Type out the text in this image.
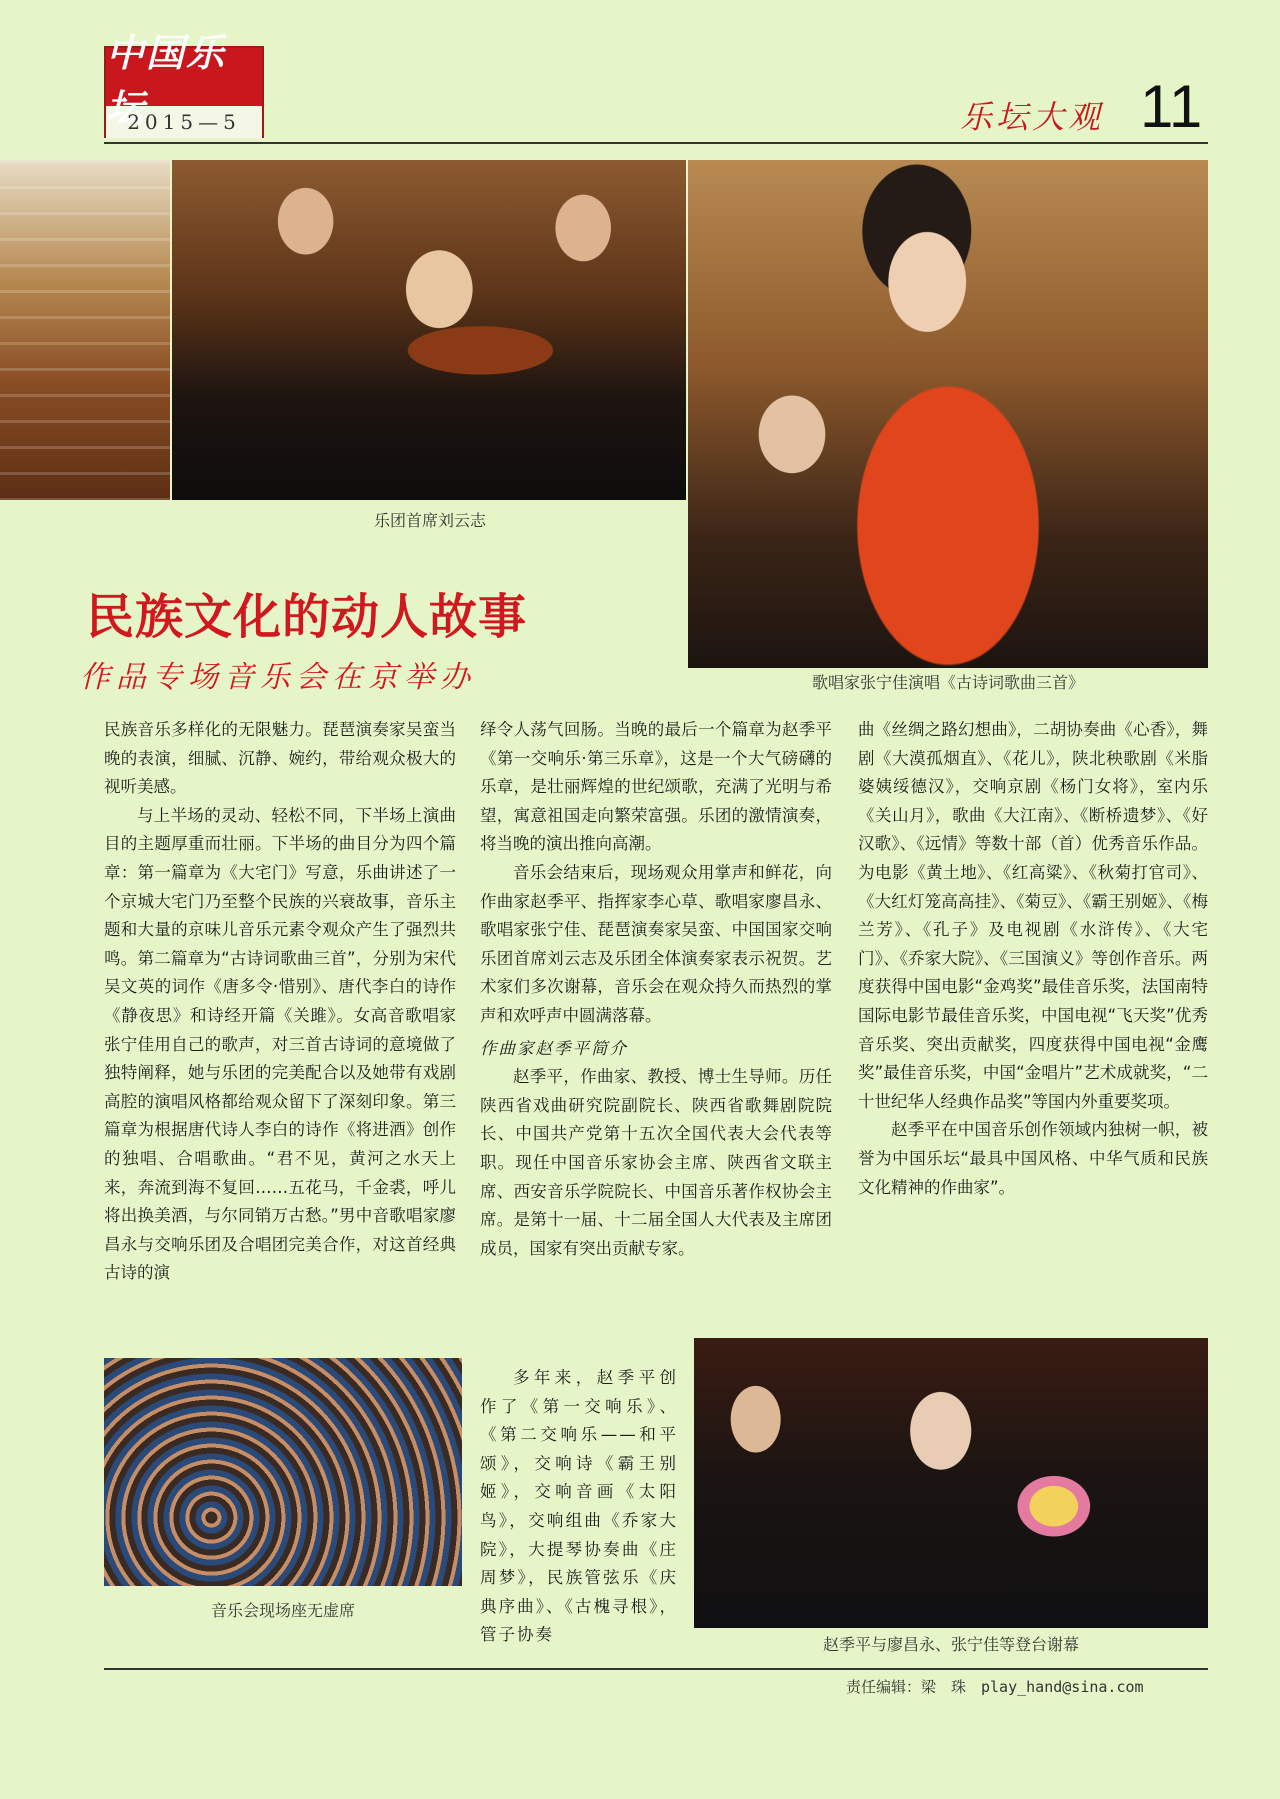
中国乐
2015—5	乐坛大观 11
乐团首席刘云志
歌唱家张宁佳演唱《古诗词歌曲三首》
民族文化的动人故事
作品专场音乐会在京举办

民族音乐多样化的无限魅力。琵琶演奏家吴蛮当晚的表演，细腻、沉静、婉约，带给观众极大的视听美感。

与上半场的灵动、轻松不同，下半场上演曲目的主题厚重而壮丽。下半场的曲目分为四个篇章：第一篇章为《大宅门》写意，乐曲讲述了一个京城大宅门乃至整个民族的兴衰故事，音乐主题和大量的京味儿音乐元素令观众产生了强烈共鸣。第二篇章为“古诗词歌曲三首”，分别为宋代吴文英的词作《唐多令·惜别》、唐代李白的诗作《静夜思》和诗经开篇《关雎》。女高音歌唱家张宁佳用自己的歌声，对三首古诗词的意境做了独特阐释，她与乐团的完美配合以及她带有戏剧高腔的演唱风格都给观众留下了深刻印象。第三篇章为根据唐代诗人李白的诗作《将进酒》创作的独唱、合唱歌曲。“君不见，黄河之水天上来，奔流到海不复回……五花马，千金裘，呼儿将出换美酒，与尔同销万古愁。”男中音歌唱家廖昌永与交响乐团及合唱团完美合作，对这首经典古诗的演

绎令人荡气回肠。当晚的最后一个篇章为赵季平《第一交响乐·第三乐章》，这是一个大气磅礴的乐章，是壮丽辉煌的世纪颂歌，充满了光明与希望，寓意祖国走向繁荣富强。乐团的激情演奏，将当晚的演出推向高潮。

音乐会结束后，现场观众用掌声和鲜花，向作曲家赵季平、指挥家李心草、歌唱家廖昌永、歌唱家张宁佳、琵琶演奏家吴蛮、中国国家交响乐团首席刘云志及乐团全体演奏家表示祝贺。艺术家们多次谢幕，音乐会在观众持久而热烈的掌声和欢呼声中圆满落幕。

作曲家赵季平简介

赵季平，作曲家、教授、博士生导师。历任陕西省戏曲研究院副院长、陕西省歌舞剧院院长、中国共产党第十五次全国代表大会代表等职。现任中国音乐家协会主席、陕西省文联主席、西安音乐学院院长、中国音乐著作权协会主席。是第十一届、十二届全国人大代表及主席团成员，国家有突出贡献专家。

多年来，赵季平创作了《第一交响乐》、《第二交响乐——和平颂》，交响诗《霸王别姬》，交响音画《太阳鸟》，交响组曲《乔家大院》，大提琴协奏曲《庄周梦》，民族管弦乐《庆典序曲》、《古槐寻根》，管子协奏

曲《丝绸之路幻想曲》，二胡协奏曲《心香》，舞剧《大漠孤烟直》、《花儿》，陕北秧歌剧《米脂婆姨绥德汉》，交响京剧《杨门女将》，室内乐《关山月》，歌曲《大江南》、《断桥遗梦》、《好汉歌》、《远情》等数十部（首）优秀音乐作品。为电影《黄土地》、《红高粱》、《秋菊打官司》、《大红灯笼高高挂》、《菊豆》、《霸王别姬》、《梅兰芳》、《孔子》及电视剧《水浒传》、《大宅门》、《乔家大院》、《三国演义》等创作音乐。两度获得中国电影“金鸡奖”最佳音乐奖，法国南特国际电影节最佳音乐奖，中国电视“飞天奖”优秀音乐奖、突出贡献奖，四度获得中国电视“金鹰奖”最佳音乐奖，中国“金唱片”艺术成就奖，“二十世纪华人经典作品奖”等国内外重要奖项。

赵季平在中国音乐创作领域内独树一帜，被誉为中国乐坛“最具中国风格、中华气质和民族文化精神的作曲家”。

音乐会现场座无虚席
赵季平与廖昌永、张宁佳等登台谢幕
责任编辑：梁　珠　play_hand@sina.com
